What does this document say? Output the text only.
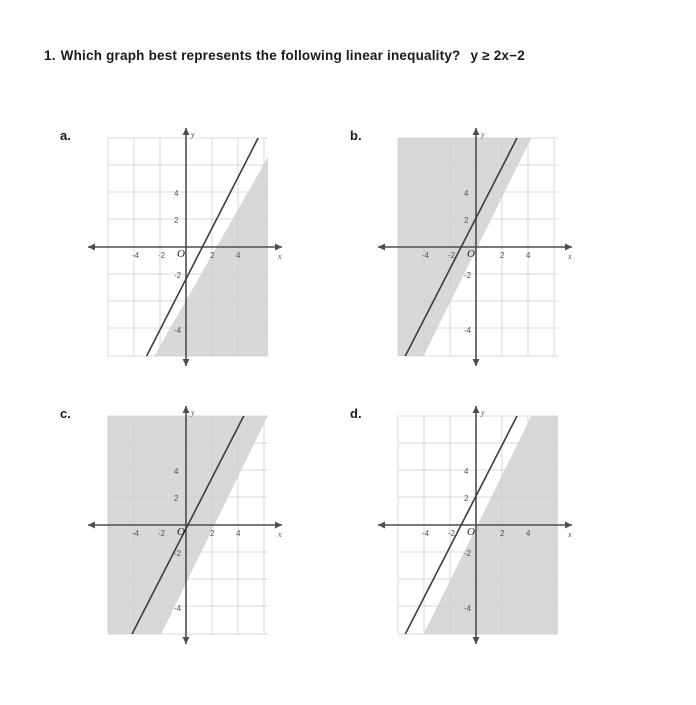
1. Which graph best represents the following linear inequality? y ≥ 2x−2
a.
-4 -2	2	4
4
2
-2
-4
O	x
y	b.
-4 -2	2	4
4
2
-2
-4
O	x
y
c.
-4 -2	2	4
4
2
-2
-4
O	x
y	d.
-4 -2	2	4
4
2
-2
-4
O	x
y
